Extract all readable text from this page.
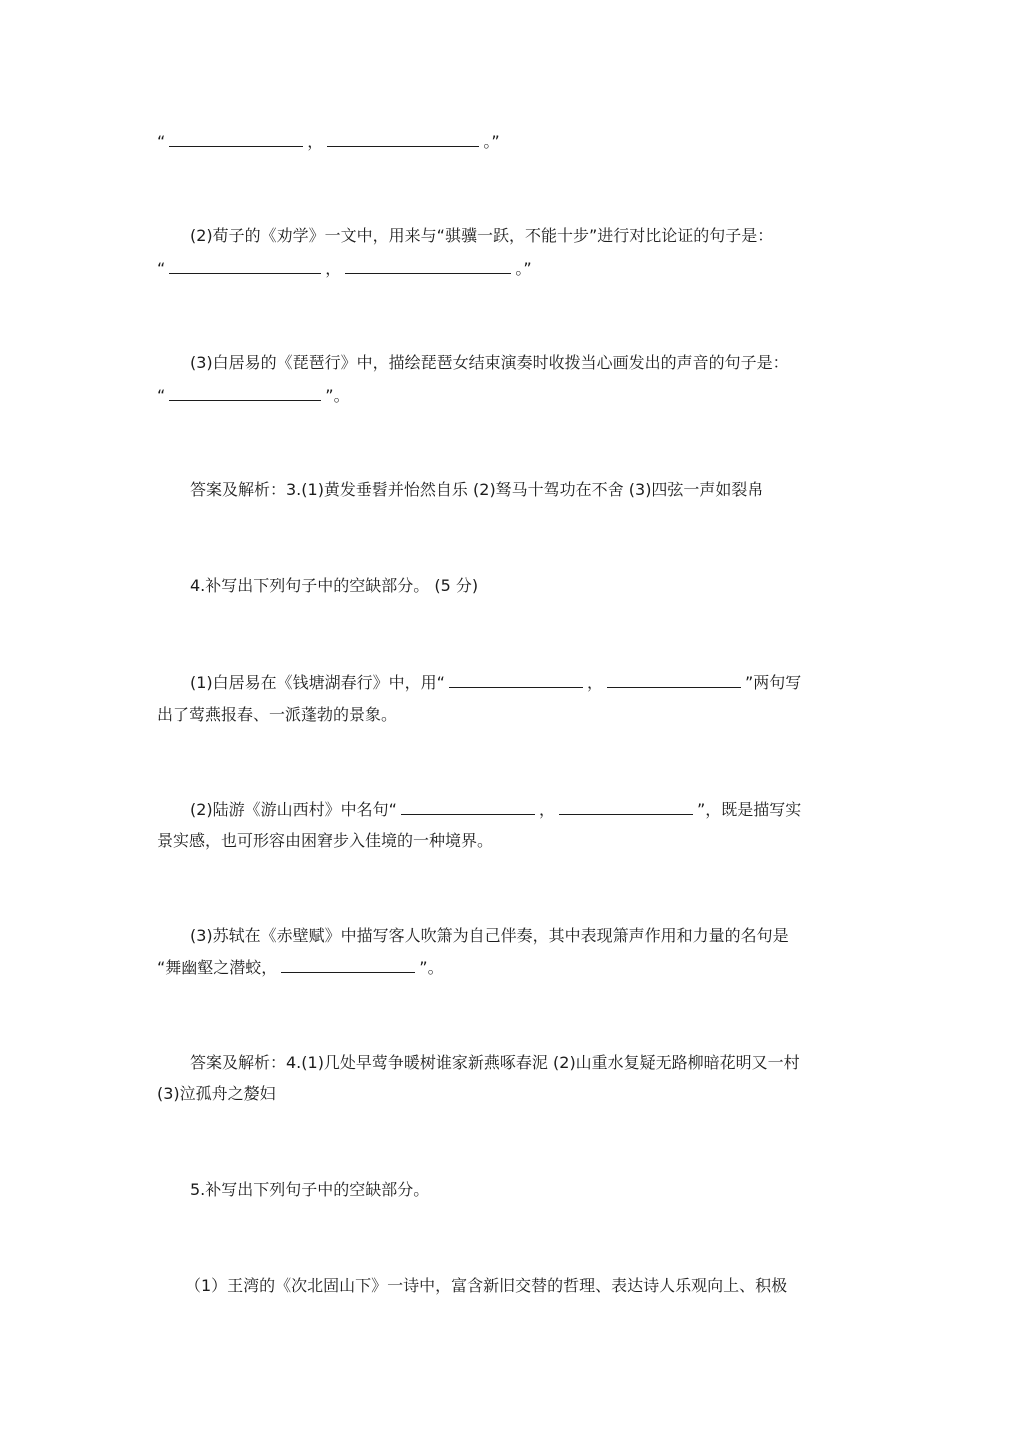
“	，	。”
(2)荀子的《劝学》一文中，用来与“骐骥一跃，不能十步”进行对比论证的句子是：
“	，	。”
(3)白居易的《琵琶行》中，描绘琵琶女结束演奏时收拨当心画发出的声音的句子是：
“	”。
答案及解析：3.(1)黄发垂髫并怡然自乐 (2)驽马十驾功在不舍 (3)四弦一声如裂帛
4.补写出下列句子中的空缺部分。 (5 分)
(1)白居易在《钱塘湖春行》中，用“	，	”两句写
出了莺燕报春、一派蓬勃的景象。
(2)陆游《游山西村》中名句“	，	”，既是描写实
景实感，也可形容由困窘步入佳境的一种境界。
(3)苏轼在《赤壁赋》中描写客人吹箫为自己伴奏，其中表现箫声作用和力量的名句是
“舞幽壑之潜蛟，	”。
答案及解析：4.(1)几处早莺争暖树谁家新燕啄春泥 (2)山重水复疑无路柳暗花明又一村
(3)泣孤舟之嫠妇
5.补写出下列句子中的空缺部分。
（1）王湾的《次北固山下》一诗中，富含新旧交替的哲理、表达诗人乐观向上、积极
